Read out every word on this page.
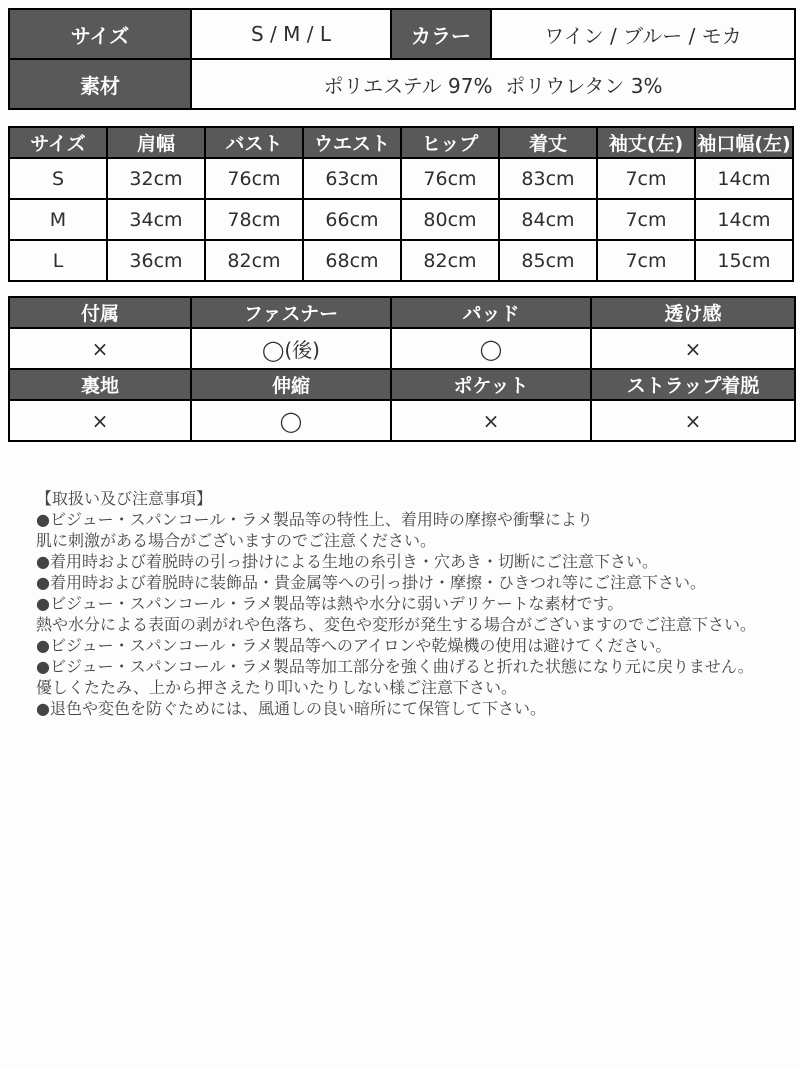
サイズ	S / M / L	カラー	ワイン / ブルー / モカ
素材	ポリエステル 97%  ポリウレタン 3%		
サイズ	肩幅	バスト	ウエスト	ヒップ	着丈	袖丈(左)	袖口幅(左)
S	32cm	76cm	63cm	76cm	83cm	7cm	14cm
M	34cm	78cm	66cm	80cm	84cm	7cm	14cm
L	36cm	82cm	68cm	82cm	85cm	7cm	15cm
付属	ファスナー	パッド	透け感
×	◯(後)	◯	×
裏地	伸縮	ポケット	ストラップ着脱
×	◯	×	×
【取扱い及び注意事項】
●ビジュー・スパンコール・ラメ製品等の特性上、着用時の摩擦や衝撃により
肌に刺激がある場合がございますのでご注意ください。
●着用時および着脱時の引っ掛けによる生地の糸引き・穴あき・切断にご注意下さい。
●着用時および着脱時に装飾品・貴金属等への引っ掛け・摩擦・ひきつれ等にご注意下さい。
●ビジュー・スパンコール・ラメ製品等は熱や水分に弱いデリケートな素材です。
熱や水分による表面の剥がれや色落ち、変色や変形が発生する場合がございますのでご注意下さい。
●ビジュー・スパンコール・ラメ製品等へのアイロンや乾燥機の使用は避けてください。
●ビジュー・スパンコール・ラメ製品等加工部分を強く曲げると折れた状態になり元に戻りません。
優しくたたみ、上から押さえたり叩いたりしない様ご注意下さい。
●退色や変色を防ぐためには、風通しの良い暗所にて保管して下さい。
